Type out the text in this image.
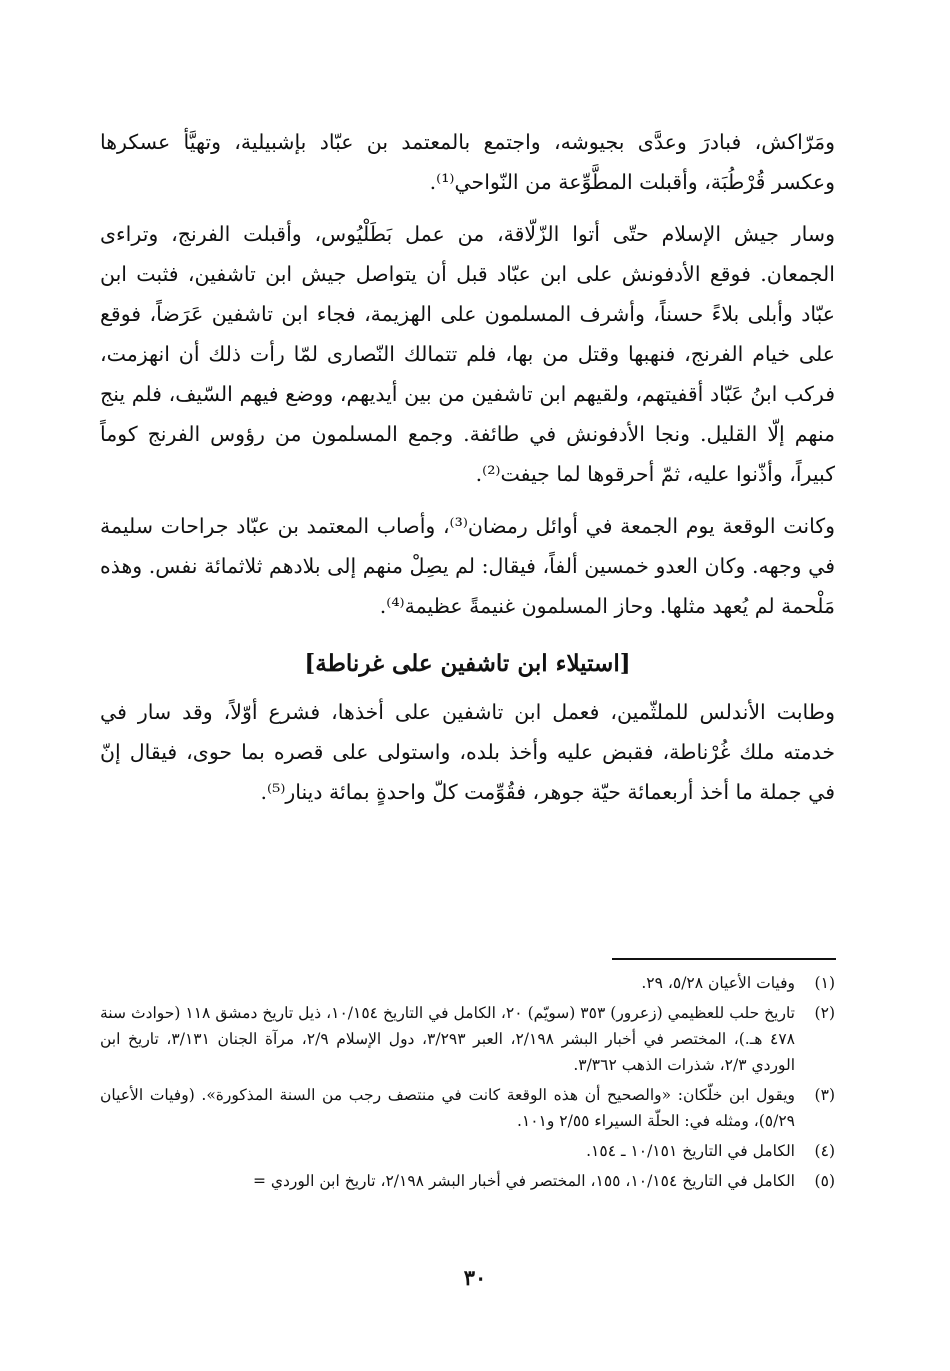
ومَرّاكش، فبادرَ وعدَّى بجيوشه، واجتمع بالمعتمد بن عبّاد بإشبيلية، وتهيَّأ عسكرها وعكسر قُرْطُبَة، وأقبلت المطَّوِّعة من النّواحي⁽¹⁾.

وسار جيش الإسلام حتّى أتوا الزّلّاقة، من عمل بَطَلْيُوس، وأقبلت الفرنج، وتراءى الجمعان. فوقع الأدفونش على ابن عبّاد قبل أن يتواصل جيش ابن تاشفين، فثبت ابن عبّاد وأبلى بلاءً حسناً، وأشرف المسلمون على الهزيمة، فجاء ابن تاشفين عَرَضاً، فوقع على خيام الفرنج، فنهبها وقتل من بها، فلم تتمالك النّصارى لمّا رأت ذلك أن انهزمت، فركب ابنُ عَبّاد أقفيتهم، ولقيهم ابن تاشفين من بين أيديهم، ووضع فيهم السّيف، فلم ينج منهم إلّا القليل. ونجا الأدفونش في طائفة. وجمع المسلمون من رؤوس الفرنج كوماً كبيراً، وأذّنوا عليه، ثمّ أحرقوها لما جيفت⁽²⁾.

وكانت الوقعة يوم الجمعة في أوائل رمضان⁽³⁾، وأصاب المعتمد بن عبّاد جراحات سليمة في وجهه. وكان العدو خمسين ألفاً، فيقال: لم يصِلْ منهم إلى بلادهم ثلاثمائة نفس. وهذه مَلْحمة لم يُعهد مثلها. وحاز المسلمون غنيمةً عظيمة⁽⁴⁾.

[استيلاء ابن تاشفين على غرناطة]

وطابت الأندلس للملثّمين، فعمل ابن تاشفين على أخذها، فشرع أوّلاً، وقد سار في خدمته ملك غُرْناطة، فقبض عليه وأخذ بلده، واستولى على قصره بما حوى، فيقال إنّ في جملة ما أخذ أربعمائة حيّة جوهر، فقُوِّمت كلّ واحدةٍ بمائة دينار⁽⁵⁾.

(١)
وفيات الأعيان ٥/٢٨، ٢٩.
(٢)
تاريخ حلب للعظيمي (زعرور) ٣٥٣ (سويّم) ٢٠، الكامل في التاريخ ١٠/١٥٤، ذيل تاريخ دمشق ١١٨ (حوادث سنة ٤٧٨ هـ.)، المختصر في أخبار البشر ٢/١٩٨، العبر ٣/٢٩٣، دول الإسلام ٢/٩، مرآة الجنان ٣/١٣١، تاريخ ابن الوردي ٢/٣، شذرات الذهب ٣/٣٦٢.
(٣)
ويقول ابن خلّكان: «والصحيح أن هذه الوقعة كانت في منتصف رجب من السنة المذكورة». (وفيات الأعيان ٥/٢٩)، ومثله في: الحلّة السيراء ٢/٥٥ و١٠١.
(٤)
الكامل في التاريخ ١٠/١٥١ ـ ١٥٤.
(٥)
الكامل في التاريخ ١٠/١٥٤، ١٥٥، المختصر في أخبار البشر ٢/١٩٨، تاريخ ابن الوردي =
٣٠
